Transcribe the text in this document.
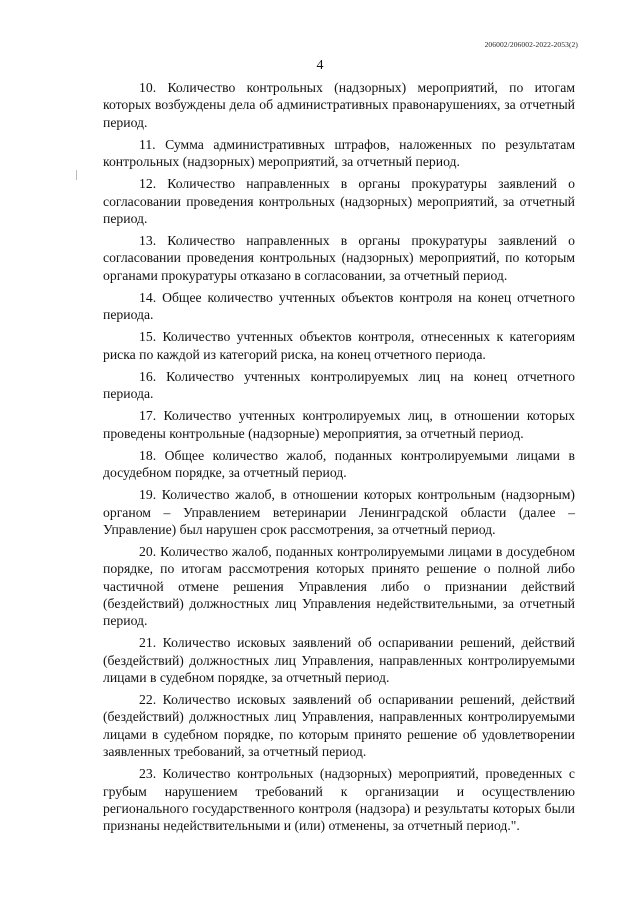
206002/206002-2022-2053(2)
4

10. Количество контрольных (надзорных) мероприятий, по итогам которых возбуждены дела об административных правонарушениях, за отчетный период.

11. Сумма административных штрафов, наложенных по результатам контрольных (надзорных) мероприятий, за отчетный период.

12. Количество направленных в органы прокуратуры заявлений о согласовании проведения контрольных (надзорных) мероприятий, за отчетный период.

13. Количество направленных в органы прокуратуры заявлений о согласовании проведения контрольных (надзорных) мероприятий, по которым органами прокуратуры отказано в согласовании, за отчетный период.

14. Общее количество учтенных объектов контроля на конец отчетного периода.

15. Количество учтенных объектов контроля, отнесенных к категориям риска по каждой из категорий риска, на конец отчетного периода.

16. Количество учтенных контролируемых лиц на конец отчетного периода.

17. Количество учтенных контролируемых лиц, в отношении которых проведены контрольные (надзорные) мероприятия, за отчетный период.

18. Общее количество жалоб, поданных контролируемыми лицами в досудебном порядке, за отчетный период.

19. Количество жалоб, в отношении которых контрольным (надзорным) органом – Управлением ветеринарии Ленинградской области (далее – Управление) был нарушен срок рассмотрения, за отчетный период.

20. Количество жалоб, поданных контролируемыми лицами в досудебном порядке, по итогам рассмотрения которых принято решение о полной либо частичной отмене решения Управления либо о признании действий (бездействий) должностных лиц Управления недействительными, за отчетный период.

21. Количество исковых заявлений об оспаривании решений, действий (бездействий) должностных лиц Управления, направленных контролируемыми лицами в судебном порядке, за отчетный период.

22. Количество исковых заявлений об оспаривании решений, действий (бездействий) должностных лиц Управления, направленных контролируемыми лицами в судебном порядке, по которым принято решение об удовлетворении заявленных требований, за отчетный период.

23. Количество контрольных (надзорных) мероприятий, проведенных с грубым нарушением требований к организации и осуществлению регионального государственного контроля (надзора) и результаты которых были признаны недействительными и (или) отменены, за отчетный период.".
